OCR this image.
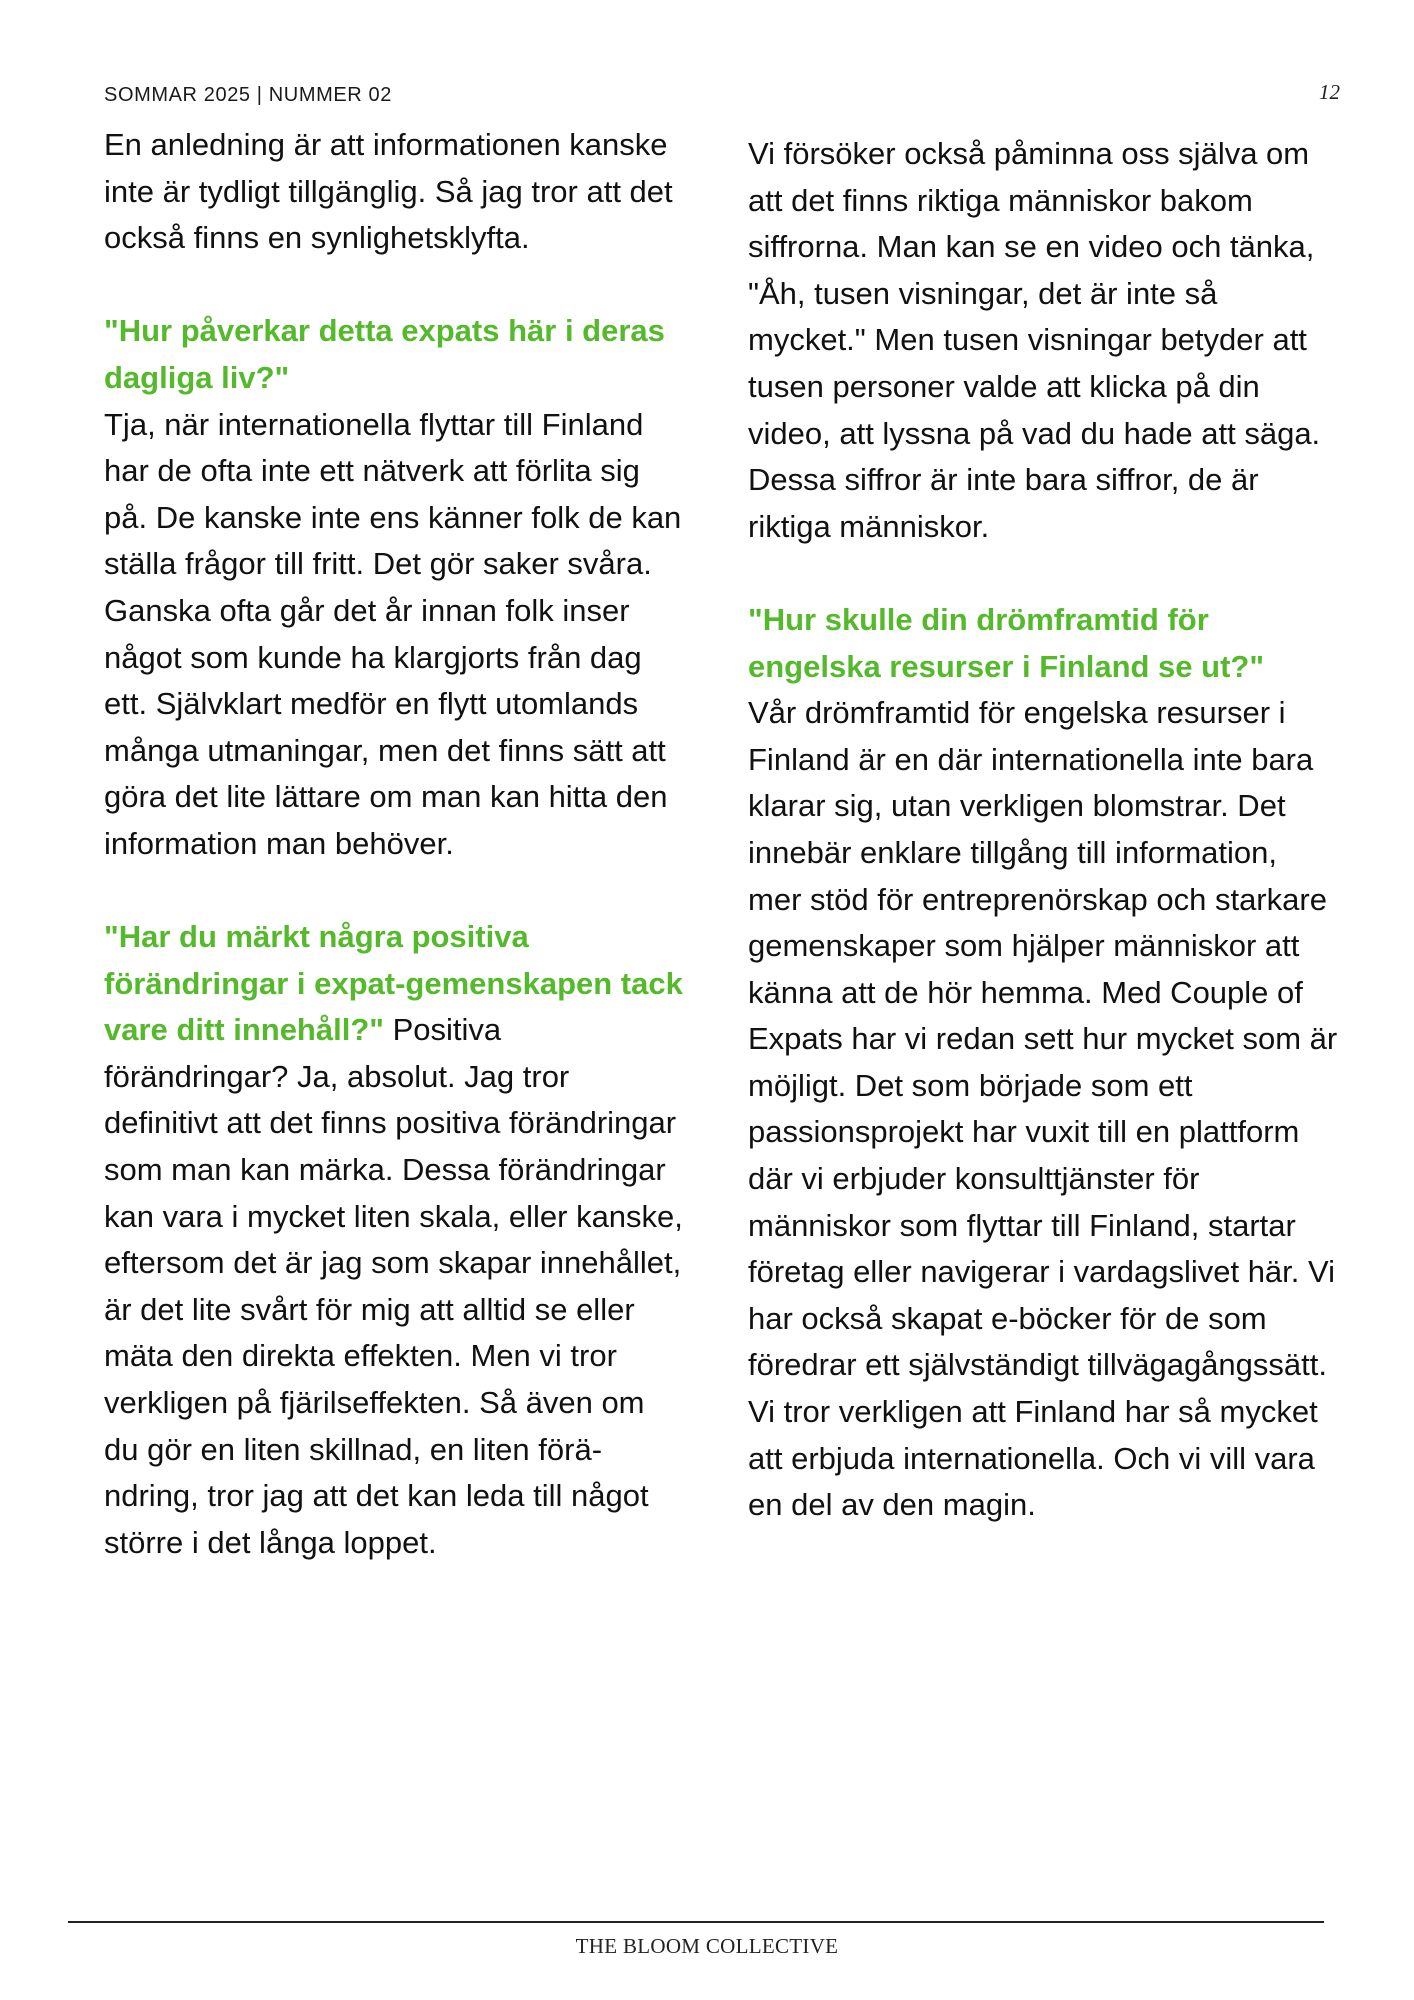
SOMMAR 2025 | NUMMER 02	12

En anledning är att informationen kanske inte är tydligt tillgänglig. Så jag tror att det också finns en synlighetsklyfta.

"Hur påverkar detta expats här i deras dagliga liv?"
Tja, när internationella flyttar till Finland har de ofta inte ett nätverk att förlita sig på. De kanske inte ens känner folk de kan ställa frågor till fritt. Det gör saker svåra. Ganska ofta går det år innan folk inser något som kunde ha klargjorts från dag ett. Självklart medför en flytt utomlands många utmaningar, men det finns sätt att göra det lite lättare om man kan hitta den information man behöver.

"Har du märkt några positiva förändringar i expat-gemenskapen tack vare ditt innehåll?" Positiva förändringar? Ja, absolut. Jag tror definitivt att det finns positiva förändringar som man kan märka. Dessa förändringar kan vara i mycket liten skala, eller kanske, eftersom det är jag som skapar innehållet, är det lite svårt för mig att alltid se eller mäta den direkta effekten. Men vi tror verkligen på fjärilseffekten. Så även om du gör en liten skillnad, en liten förä-ndring, tror jag att det kan leda till något större i det långa loppet.

Vi försöker också påminna oss själva om att det finns riktiga människor bakom siffrorna. Man kan se en video och tänka, "Åh, tusen visningar, det är inte så mycket." Men tusen visningar betyder att tusen personer valde att klicka på din video, att lyssna på vad du hade att säga. Dessa siffror är inte bara siffror, de är riktiga människor.

"Hur skulle din drömframtid för engelska resurser i Finland se ut?"
Vår drömframtid för engelska resurser i Finland är en där internationella inte bara klarar sig, utan verkligen blomstrar. Det innebär enklare tillgång till information, mer stöd för entreprenörskap och starkare gemenskaper som hjälper människor att känna att de hör hemma. Med Couple of Expats har vi redan sett hur mycket som är möjligt. Det som började som ett passionsprojekt har vuxit till en plattform där vi erbjuder konsulttjänster för människor som flyttar till Finland, startar företag eller navigerar i vardagslivet här. Vi har också skapat e-böcker för de som föredrar ett självständigt tillvägagångssätt. Vi tror verkligen att Finland har så mycket att erbjuda internationella. Och vi vill vara en del av den magin.

THE BLOOM COLLECTIVE
